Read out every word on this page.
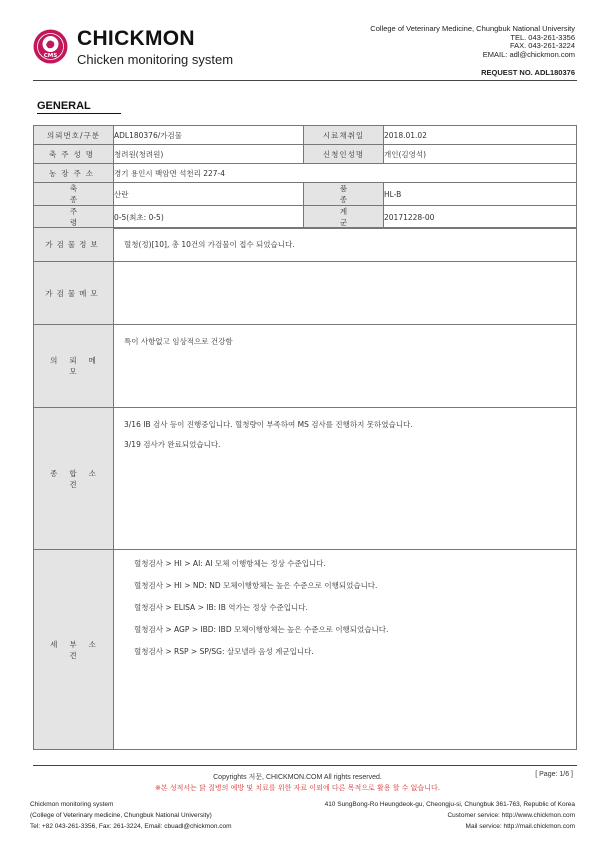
CMS
CHICKMON
Chicken monitoring system
College of Veterinary Medicine, Chungbuk National University
TEL. 043-261-3356
FAX. 043-261-3224
EMAIL: adl@chickmon.com
REQUEST NO. ADL180376
GENERAL
의뢰번호/구분	ADL180376/가검물	시료채취일	2018.01.02
축주성명	청려원(청려원)	신청인성명	개인(김영석)
농장주소	경기 용인시 백암면 석천리 227-4		
축종	산란	품종	HL-B
주령	0-5(최초: 0-5)	계군	20171228-00
가검물정보	혈청(정)[10], 총 10건의 가검물이 접수 되었습니다.
가검물메모	
의뢰메모	특이 사항없고 임상적으로 건강함

종합소견	3/16 IB 검사 등이 진행중입니다. 혈청량이 부족하여 MS 검사를 진행하지 못하였습니다.
3/19 검사가 완료되었습니다.

세부소견	혈청검사 > HI > AI: AI 모체 이행항체는 정상 수준입니다.
혈청검사 > HI > ND: ND 모체이행항체는 높은 수준으로 이행되었습니다.
혈청검사 > ELISA > IB: IB 역가는 정상 수준입니다.
혈청검사 > AGP > IBD: IBD 모체이행항체는 높은 수준으로 이행되었습니다.
혈청검사 > RSP > SP/SG: 살모넬라 음성 계군입니다.
Copyrights 저문, CHICKMON.COM All rights reserved.	[ Page: 1/6 ]
※본 성적서는 닭 질병의 예방 및 치료를 위한 자료 이외에 다른 목적으로 활용 할 수 없습니다.
Chickmon monitoring system
(College of Veterinary medicine, Chungbuk National University)
Tel: +82 043-261-3356, Fax: 261-3224, Email: cbuadl@chickmon.com
410 SungBong-Ro Heungdeok-gu, Cheongju-si, Chungbuk 361-763, Republic of Korea
Customer service: http://www.chickmon.com
Mail service: http://mail.chickmon.com
